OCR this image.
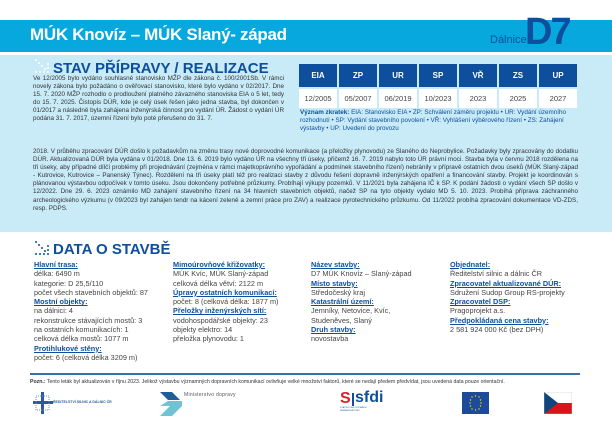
MÚK Knovíz – MÚK Slaný- západ	Dálnice
D7
STAV PŘÍPRAVY / REALIZACE
Ve 12/2005 bylo vydáno souhlasné stanovisko MŽP dle zákona č. 100/2001Sb. V rámci novely zákona bylo požádáno o ověřovací stanovisko, které bylo vydáno v 02/2017. Dne 15. 7. 2020 MŽP rozhodlo o prodloužení platného závazného stanoviska EIA o 5 let, tedy do 15. 7. 2025. Čistopis DÚR, kde je celý úsek řešen jako jedna stavba, byl dokončen v 01/2017 a následně byla zahájena inženýrská činnost pro vydání ÚR. Žádost o vydání ÚR podána 31. 7. 2017, územní řízení bylo poté přerušeno do 31. 7.
2018. V průběhu zpracování DÚR došlo k požadavkům na změnu trasy nové doprovodné komunikace (a přeložky plynovodu) ze Slaného do Neprobylice. Požadavky byly zpracovány do dodatku DÚR. Aktualizovaná DÚR byla vydána v 01/2018. Dne 13. 6. 2019 bylo vydáno ÚR na všechny tři úseky, přičemž 16. 7. 2019 nabylo toto ÚR právní moci. Stavba byla v červnu 2018 rozdělena na tři úseky, aby případné dílčí problémy při projednávání (zejména v rámci majetkoprávního vypořádání a podmínek stavebního řízení) nebránily v přípravě ostatních dvou úseků (MÚK Slaný-západ - Kutrovice, Kutrovice – Panenský Týnec). Rozdělení na tři úseky platí též pro realizaci stavby z důvodu řešení dopravně inženýrských opatření a financování stavby. Projekt je koordinován s plánovanou výstavbou odpočívek v tomto úseku. Jsou dokončeny potřebné průzkumy. Probíhají výkupy pozemků. V 11/2021 byla zahájena IČ k SP. K podání žádosti o vydání všech SP došlo v 12/2022. Dne 29. 6. 2023 oznámilo MD zahájení stavebního řízení na 34 hlavních stavebních objektů, načež SP na tyto objekty vydalo MD 5. 10. 2023. Probíhá příprava záchranného archeologického výzkumu (v 09/2023 byl zahájen tendr na kácení zeleně a zemní práce pro ZAV) a realizace pyrotechnického průzkumu. Od 11/2022 probíhá zpracování dokumentace VD-ZDS, resp. PDPS.
EIA	ZP	UR	SP	VŘ	ZS	UP
12/2005	05/2007	06/2019	10/2023	2023	2025	2027
Význam zkratek: EIA: Stanovisko EIA • ZP: Schválení záměru projektu • UR: Vydání územního rozhodnutí • SP: Vydání stavebního povolení • VŘ: Vyhlášení výběrového řízení • ZS: Zahájení výstavby • UP: Uvedení do provozu
DATA O STAVBĚ
Hlavní trasa:
délka: 6490 m
kategorie: D 25,5/110
počet všech stavebních objektů: 87
Mostní objekty:
na dálnici: 4
rekonstrukce stávajících mostů: 3
na ostatních komunikacích: 1
celková délka mostů: 1077 m
Protihlukové stěny:
počet: 6 (celková délka 3209 m)
Mimoúrovňové křižovatky:
MÚK Kvíc, MÚK Slaný-západ
celková délka větví: 2122 m
Úpravy ostatních komunikací:
počet: 8 (celková délka: 1877 m)
Přeložky inženýrských sítí:
vodohospodářské objekty: 23
objekty elektro: 14
přeložka plynovodu: 1
Název stavby:
D7 MÚK Knovíz – Slaný-západ
Místo stavby:
Středočeský kraj
Katastrální území:
Jemníky, Netovice, Kvíc,
Studeněves, Slaný
Druh stavby:
novostavba
Objednatel:
Ředitelství silnic a dálnic ČR
Zpracovatel aktualizované DÚR:
Sdružení Sudop Group RS-projekty
Zpracovatel DSP:
Pragoprojekt a.s.
Předpokládaná cena stavby:
2 581 924 000 Kč (bez DPH)
Pozn.: Tento leták byl aktualizován v říjnu 2023. Jelikož výstavbu významných dopravních komunikací ovlivňuje velké množství faktorů, které se nedají předem předvídat, jsou uvedená data pouze orientační.
ŘEDITELSTVÍ SILNIC A DÁLNIC ČR
Ministerstvo dopravy	S sfdi
STÁTNÍ FOND DOPRAVNÍ INFRASTRUKTURY
